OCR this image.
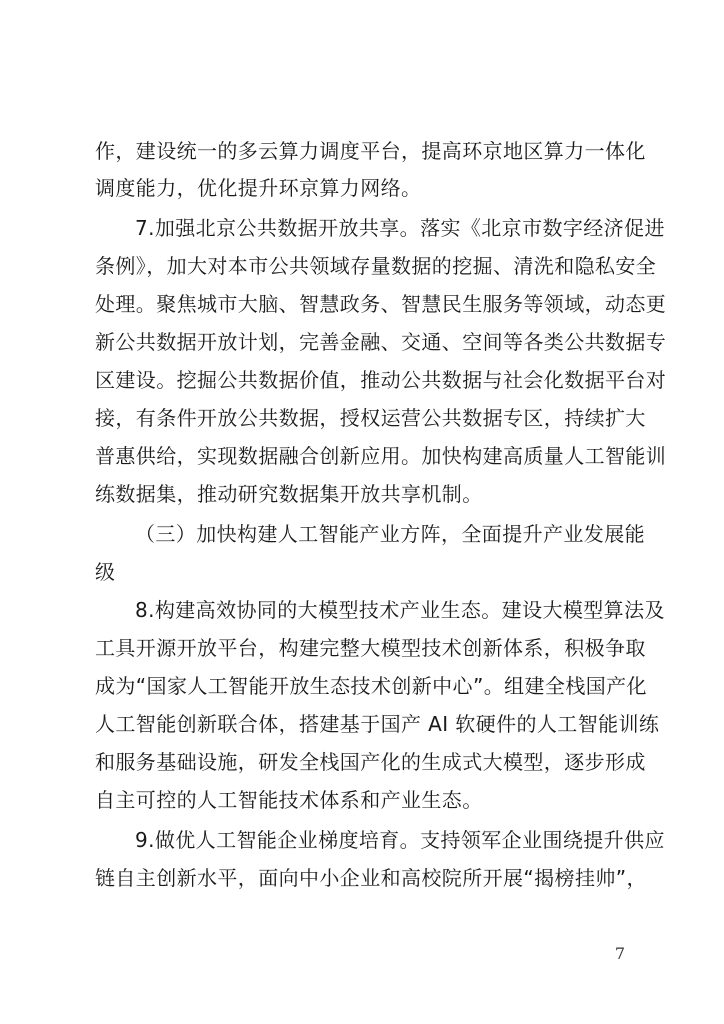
作，建设统一的多云算力调度平台，提高环京地区算力一体化
调度能力，优化提升环京算力网络。
7.加强北京公共数据开放共享。落实《北京市数字经济促进
条例》，加大对本市公共领域存量数据的挖掘、清洗和隐私安全
处理。聚焦城市大脑、智慧政务、智慧民生服务等领域，动态更
新公共数据开放计划，完善金融、交通、空间等各类公共数据专
区建设。挖掘公共数据价值，推动公共数据与社会化数据平台对
接，有条件开放公共数据，授权运营公共数据专区，持续扩大
普惠供给，实现数据融合创新应用。加快构建高质量人工智能训
练数据集，推动研究数据集开放共享机制。
（三）加快构建人工智能产业方阵，全面提升产业发展能
级
8.构建高效协同的大模型技术产业生态。建设大模型算法及
工具开源开放平台，构建完整大模型技术创新体系，积极争取
成为“国家人工智能开放生态技术创新中心”。组建全栈国产化
人工智能创新联合体，搭建基于国产 AI 软硬件的人工智能训练
和服务基础设施，研发全栈国产化的生成式大模型，逐步形成
自主可控的人工智能技术体系和产业生态。
9.做优人工智能企业梯度培育。支持领军企业围绕提升供应
链自主创新水平，面向中小企业和高校院所开展“揭榜挂帅”，
7
